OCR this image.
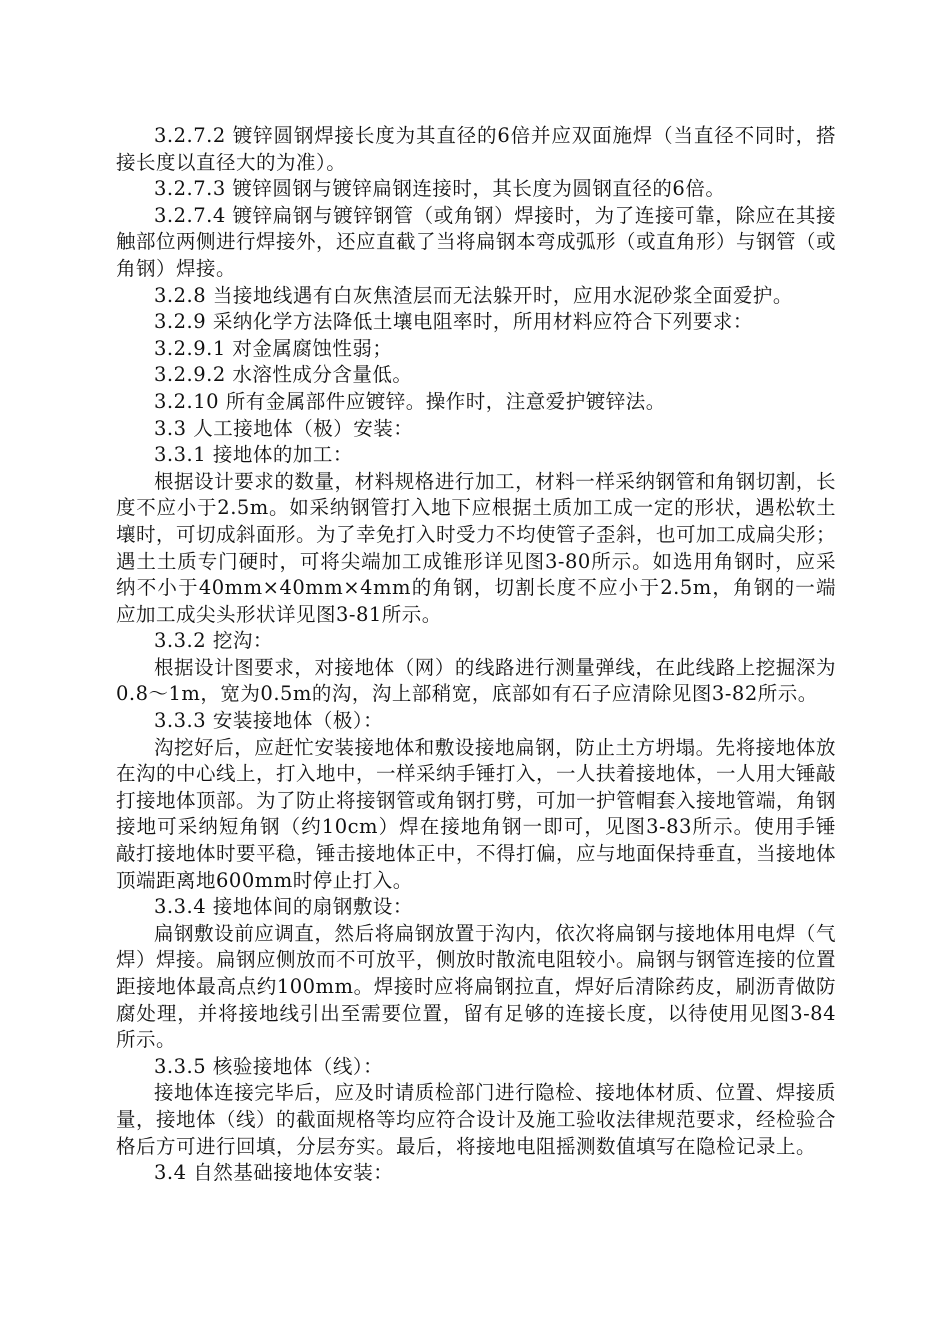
3.2.7.2 镀锌圆钢焊接长度为其直径的6倍并应双面施焊（当直径不同时，搭接长度以直径大的为准）。

3.2.7.3 镀锌圆钢与镀锌扁钢连接时，其长度为圆钢直径的6倍。

3.2.7.4 镀锌扁钢与镀锌钢管（或角钢）焊接时，为了连接可靠，除应在其接触部位两侧进行焊接外，还应直截了当将扁钢本弯成弧形（或直角形）与钢管（或角钢）焊接。

3.2.8 当接地线遇有白灰焦渣层而无法躲开时，应用水泥砂浆全面爱护。

3.2.9 采纳化学方法降低土壤电阻率时，所用材料应符合下列要求：

3.2.9.1 对金属腐蚀性弱；

3.2.9.2 水溶性成分含量低。

3.2.10 所有金属部件应镀锌。操作时，注意爱护镀锌法。

3.3 人工接地体（极）安装：

3.3.1 接地体的加工：

根据设计要求的数量，材料规格进行加工，材料一样采纳钢管和角钢切割，长度不应小于2.5m。如采纳钢管打入地下应根据土质加工成一定的形状，遇松软土壤时，可切成斜面形。为了幸免打入时受力不均使管子歪斜，也可加工成扁尖形；遇土土质专门硬时，可将尖端加工成锥形详见图3-80所示。如选用角钢时，应采纳不小于40mm×40mm×4mm的角钢，切割长度不应小于2.5m，角钢的一端应加工成尖头形状详见图3-81所示。

3.3.2 挖沟：

根据设计图要求，对接地体（网）的线路进行测量弹线，在此线路上挖掘深为0.8～1m，宽为0.5m的沟，沟上部稍宽，底部如有石子应清除见图3-82所示。

3.3.3 安装接地体（极）：

沟挖好后，应赶忙安装接地体和敷设接地扁钢，防止土方坍塌。先将接地体放在沟的中心线上，打入地中，一样采纳手锤打入，一人扶着接地体，一人用大锤敲打接地体顶部。为了防止将接钢管或角钢打劈，可加一护管帽套入接地管端，角钢接地可采纳短角钢（约10cm）焊在接地角钢一即可，见图3-83所示。使用手锤敲打接地体时要平稳，锤击接地体正中，不得打偏，应与地面保持垂直，当接地体顶端距离地600mm时停止打入。

3.3.4 接地体间的扇钢敷设：

扁钢敷设前应调直，然后将扁钢放置于沟内，依次将扁钢与接地体用电焊（气焊）焊接。扁钢应侧放而不可放平，侧放时散流电阻较小。扁钢与钢管连接的位置距接地体最高点约100mm。焊接时应将扁钢拉直，焊好后清除药皮，刷沥青做防腐处理，并将接地线引出至需要位置，留有足够的连接长度，以待使用见图3-84所示。

3.3.5 核验接地体（线）：

接地体连接完毕后，应及时请质检部门进行隐检、接地体材质、位置、焊接质量，接地体（线）的截面规格等均应符合设计及施工验收法律规范要求，经检验合格后方可进行回填，分层夯实。最后，将接地电阻摇测数值填写在隐检记录上。

3.4 自然基础接地体安装：
